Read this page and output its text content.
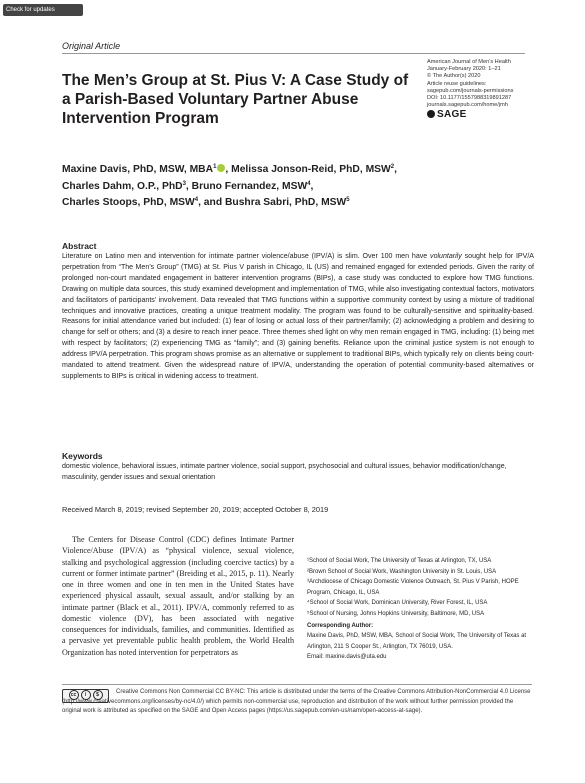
Check for updates
Original Article
The Men’s Group at St. Pius V: A Case Study of a Parish-Based Voluntary Partner Abuse Intervention Program
American Journal of Men’s Health
January-February 2020: 1–21
© The Author(s) 2020
Article reuse guidelines:
sagepub.com/journals-permissions
DOI: 10.1177/1557988319891287
journals.sagepub.com/home/jmh
SAGE
Maxine Davis, PhD, MSW, MBA$^1$ , Melissa Jonson-Reid, PhD, MSW$^2$,
Charles Dahm, O.P., PhD$^3$, Bruno Fernandez, MSW$^4$,
Charles Stoops, PhD, MSW$^4$, and Bushra Sabri, PhD, MSW$^5$
Abstract
Literature on Latino men and intervention for intimate partner violence/abuse (IPV/A) is slim. Over 100 men have voluntarily sought help for IPV/A perpetration from “The Men’s Group” (TMG) at St. Pius V parish in Chicago, IL (US) and remained engaged for extended periods. Given the rarity of prolonged non-court mandated engagement in batterer intervention programs (BIPs), a case study was conducted to explore how TMG functions. Drawing on multiple data sources, this study examined development and implementation of TMG, while also investigating contextual factors, motivators and facilitators of participants’ involvement. Data revealed that TMG functions within a supportive community context by using a mixture of traditional techniques and innovative practices, creating a unique treatment modality. The program was found to be culturally-sensitive and spirituality-based. Reasons for initial attendance varied but included: (1) fear of losing or actual loss of their partner/family; (2) acknowledging a problem and desiring to change for self or others; and (3) a desire to reach inner peace. Three themes shed light on why men remain engaged in TMG, including: (1) being met with respect by facilitators; (2) experiencing TMG as “family”; and (3) gaining benefits. Reliance upon the criminal justice system is not enough to address IPV/A perpetration. This program shows promise as an alternative or supplement to traditional BIPs, which typically rely on clients being court-mandated to attend treatment. Given the widespread nature of IPV/A, understanding the operation of potential community-based alternatives or supplements to BIPs is critical in widening access to treatment.
Keywords
domestic violence, behavioral issues, intimate partner violence, social support, psychosocial and cultural issues, behavior modification/change, masculinity, gender issues and sexual orientation
Received March 8, 2019; revised September 20, 2019; accepted October 8, 2019

The Centers for Disease Control (CDC) defines Intimate Partner Violence/Abuse (IPV/A) as “physical violence, sexual violence, stalking and psychological aggression (including coercive tactics) by a current or former intimate partner” (Breiding et al., 2015, p. 11). Nearly one in three women and one in ten men in the United States have experienced physical assault, sexual assault, and/or stalking by an intimate partner (Black et al., 2011). IPV/A, commonly referred to as domestic violence (DV), has been associated with negative consequences for individuals, families, and communities. Identified as a pervasive yet preventable public health problem, the World Health Organization has noted intervention for perpetrators as

¹School of Social Work, The University of Texas at Arlington, TX, USA
²Brown School of Social Work, Washington University in St. Louis, USA
³Archdiocese of Chicago Domestic Violence Outreach, St. Pius V Parish, HOPE Program, Chicago, IL, USA
⁴School of Social Work, Dominican University, River Forest, IL, USA
⁵School of Nursing, Johns Hopkins University, Baltimore, MD, USA
Corresponding Author:
Maxine Davis, PhD, MSW, MBA, School of Social Work, The University of Texas at Arlington, 211 S Cooper St., Arlington, TX 76019, USA.
Email: maxine.davis@uta.edu
cc i $	Creative Commons Non Commercial CC BY-NC: This article is distributed under the terms of the Creative Commons Attribution-NonCommercial 4.0 License (http://www.creativecommons.org/licenses/by-nc/4.0/) which permits non-commercial use, reproduction and distribution of the work without further permission provided the original work is attributed as specified on the SAGE and Open Access pages (https://us.sagepub.com/en-us/nam/open-access-at-sage).
